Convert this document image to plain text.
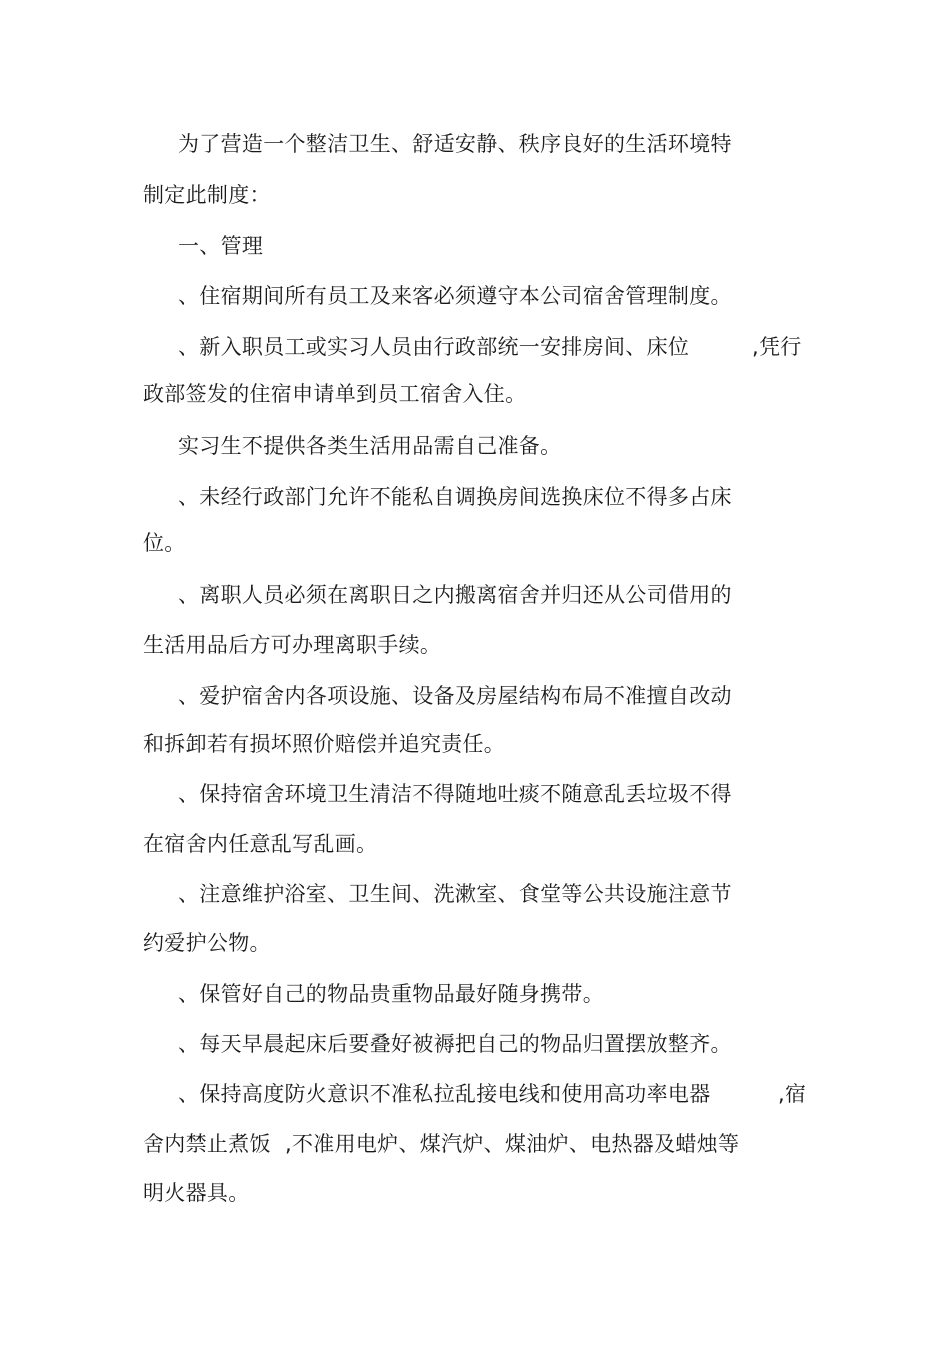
为了营造一个整洁卫生、舒适安静、秩序良好的生活环境特
制定此制度：
一、管理
、住宿期间所有员工及来客必须遵守本公司宿舍管理制度。
、新入职员工或实习人员由行政部统一安排房间、床位	,凭行
政部签发的住宿申请单到员工宿舍入住。
实习生不提供各类生活用品需自己准备。
、未经行政部门允许不能私自调换房间选换床位不得多占床
位。
、离职人员必须在离职日之内搬离宿舍并归还从公司借用的
生活用品后方可办理离职手续。
、爱护宿舍内各项设施、设备及房屋结构布局不准擅自改动
和拆卸若有损坏照价赔偿并追究责任。
、保持宿舍环境卫生清洁不得随地吐痰不随意乱丢垃圾不得
在宿舍内任意乱写乱画。
、注意维护浴室、卫生间、洗漱室、食堂等公共设施注意节
约爱护公物。
、保管好自己的物品贵重物品最好随身携带。
、每天早晨起床后要叠好被褥把自己的物品归置摆放整齐。
、保持高度防火意识不准私拉乱接电线和使用高功率电器	,宿
舍内禁止煮饭 ,不准用电炉、煤汽炉、煤油炉、电热器及蜡烛等
明火器具。
